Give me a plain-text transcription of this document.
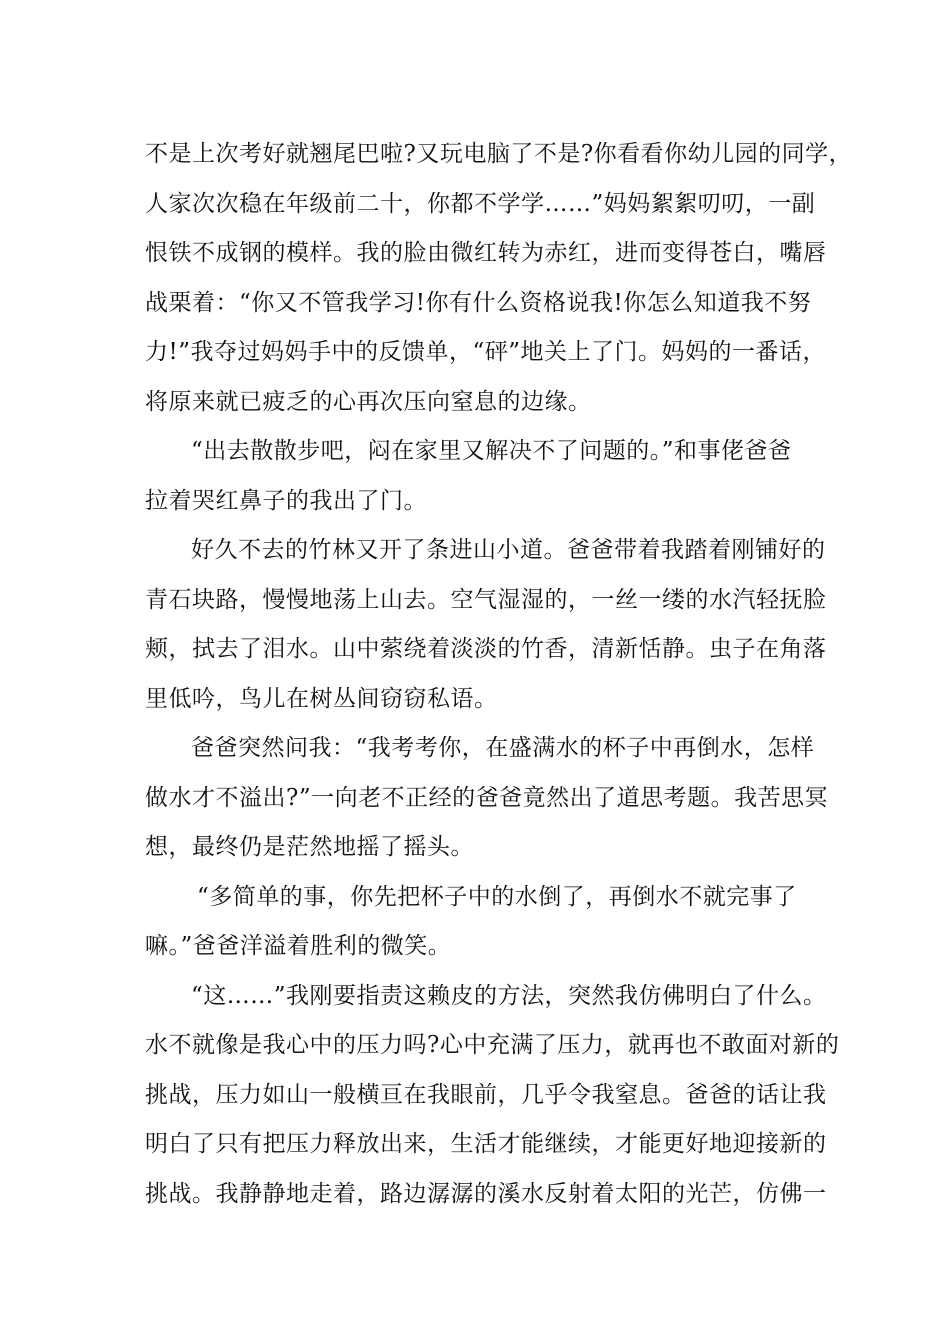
不是上次考好就翘尾巴啦?又玩电脑了不是?你看看你幼儿园的同学，
人家次次稳在年级前二十，你都不学学……”妈妈絮絮叨叨，一副
恨铁不成钢的模样。我的脸由微红转为赤红，进而变得苍白，嘴唇
战栗着：“你又不管我学习!你有什么资格说我!你怎么知道我不努
力!”我夺过妈妈手中的反馈单，“砰”地关上了门。妈妈的一番话，
将原来就已疲乏的心再次压向窒息的边缘。
“出去散散步吧，闷在家里又解决不了问题的。”和事佬爸爸
拉着哭红鼻子的我出了门。
好久不去的竹林又开了条进山小道。爸爸带着我踏着刚铺好的
青石块路，慢慢地荡上山去。空气湿湿的，一丝一缕的水汽轻抚脸
颊，拭去了泪水。山中萦绕着淡淡的竹香，清新恬静。虫子在角落
里低吟，鸟儿在树丛间窃窃私语。
爸爸突然问我：“我考考你，在盛满水的杯子中再倒水，怎样
做水才不溢出?”一向老不正经的爸爸竟然出了道思考题。我苦思冥
想，最终仍是茫然地摇了摇头。
“多简单的事，你先把杯子中的水倒了，再倒水不就完事了
嘛。”爸爸洋溢着胜利的微笑。
“这……”我刚要指责这赖皮的方法，突然我仿佛明白了什么。
水不就像是我心中的压力吗?心中充满了压力，就再也不敢面对新的
挑战，压力如山一般横亘在我眼前，几乎令我窒息。爸爸的话让我
明白了只有把压力释放出来，生活才能继续，才能更好地迎接新的
挑战。我静静地走着，路边潺潺的溪水反射着太阳的光芒，仿佛一
